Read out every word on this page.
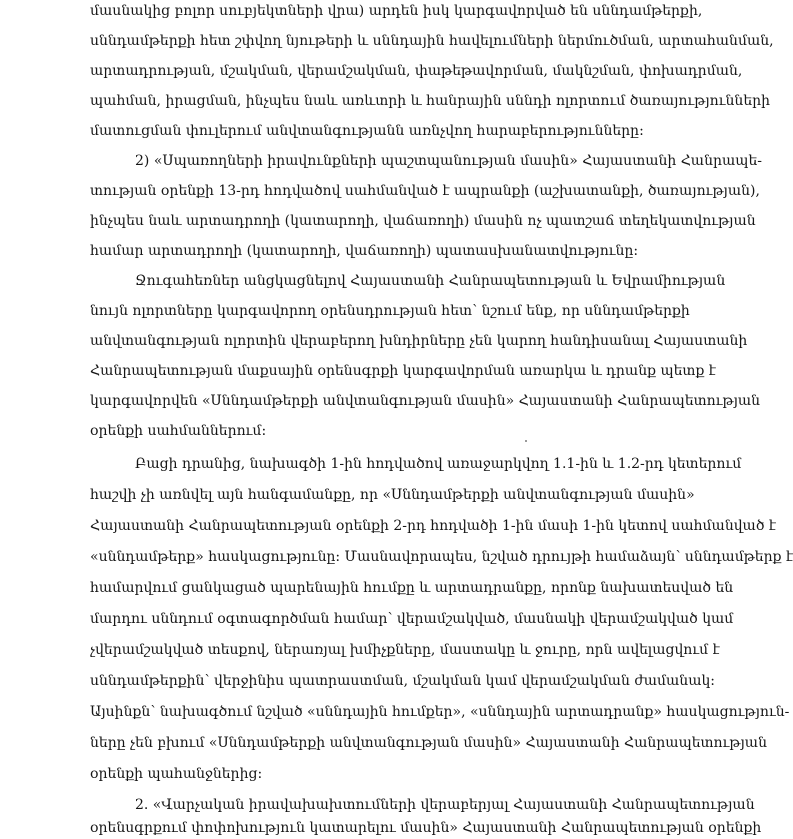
մասնակից բոլոր սուբյեկտների վրա) արդեն իսկ կարգավորված են սննդամթերքի,
սննդամթերքի հետ շփվող նյութերի և սննդային հավելումների ներմուծման, արտահանման,
արտադրության, մշակման, վերամշակման, փաթեթավորման, մակնշման, փոխադրման,
պահման, իրացման, ինչպես նաև առևտրի և հանրային սննդի ոլորտում ծառայությունների
մատուցման փուլերում անվտանգությանն առնչվող հարաբերությունները:
2) «Սպառողների իրավունքների պաշտպանության մասին» Հայաստանի Հանրապե-
տության օրենքի 13-րդ հոդվածով սահմանված է ապրանքի (աշխատանքի, ծառայության),
ինչպես նաև արտադրողի (կատարողի, վաճառողի) մասին ոչ պատշաճ տեղեկատվության
համար արտադրողի (կատարողի, վաճառողի) պատասխանատվությունը:
Ջուգահեռներ անցկացնելով Հայաստանի Հանրապետության և Եվրամիության
նույն ոլորտները կարգավորող օրենսդրության հետ՝ նշում ենք, որ սննդամթերքի
անվտանգության ոլորտին վերաբերող խնդիրները չեն կարող հանդիսանալ Հայաստանի
Հանրապետության մաքսային օրենսգրքի կարգավորման առարկա և դրանք պետք է
կարգավորվեն «Սննդամթերքի անվտանգության մասին» Հայաստանի Հանրապետության
օրենքի սահմաններում:
Բացի դրանից, նախագծի 1-ին հոդվածով առաջարկվող 1.1-ին և 1.2-րդ կետերում
հաշվի չի առնվել այն հանգամանքը, որ «Սննդամթերքի անվտանգության մասին»
Հայաստանի Հանրապետության օրենքի 2-րդ հոդվածի 1-ին մասի 1-ին կետով սահմանված է
«սննդամթերք» հասկացությունը: Մասնավորապես, նշված դրույթի համաձայն՝ սննդամթերք է
համարվում ցանկացած պարենային հումքը և արտադրանքը, որոնք նախատեսված են
մարդու սննդում օգտագործման համար՝ վերամշակված, մասնակի վերամշակված կամ
չվերամշակված տեսքով, ներառյալ խմիչքները, մաստակը և ջուրը, որն ավելացվում է
սննդամթերքին՝ վերջինիս պատրաստման, մշակման կամ վերամշակման ժամանակ:
Այսինքն՝ նախագծում նշված «սննդային հումքեր», «սննդային արտադրանք» հասկացություն-
ները չեն բխում «Սննդամթերքի անվտանգության մասին» Հայաստանի Հանրապետության
օրենքի պահանջներից:
2. «Վարչական իրավախախտումների վերաբերյալ Հայաստանի Հանրապետության
օրենսգրքում փոփոխություն կատարելու մասին» Հայաստանի Հանրապետության օրենքի
